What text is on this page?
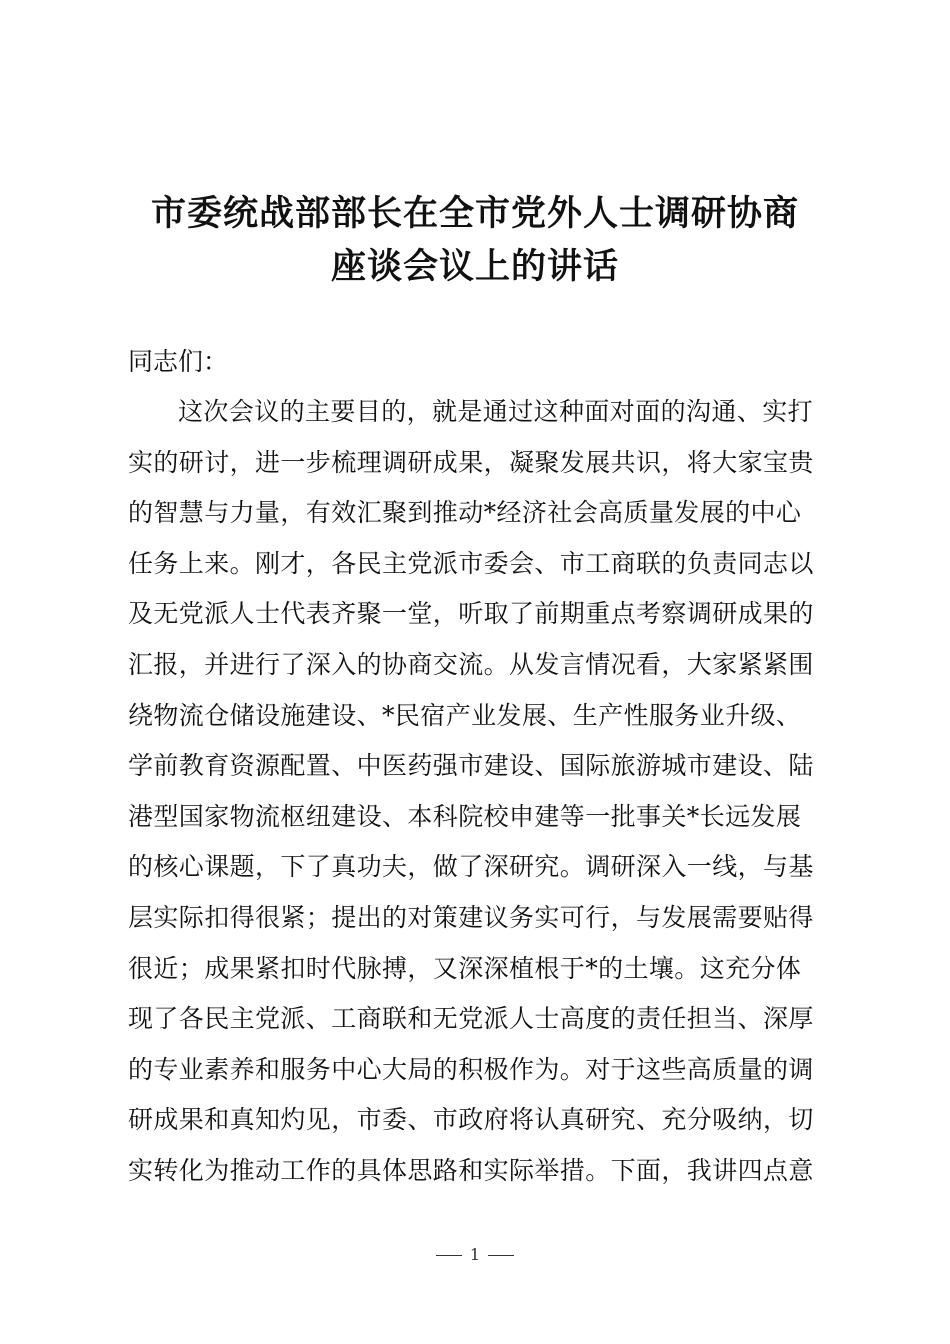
市委统战部部长在全市党外人士调研协商
座谈会议上的讲话
同志们：
这次会议的主要目的，就是通过这种面对面的沟通、实打
实的研讨，进一步梳理调研成果，凝聚发展共识，将大家宝贵
的智慧与力量，有效汇聚到推动*经济社会高质量发展的中心
任务上来。刚才，各民主党派市委会、市工商联的负责同志以
及无党派人士代表齐聚一堂，听取了前期重点考察调研成果的
汇报，并进行了深入的协商交流。从发言情况看，大家紧紧围
绕物流仓储设施建设、*民宿产业发展、生产性服务业升级、
学前教育资源配置、中医药强市建设、国际旅游城市建设、陆
港型国家物流枢纽建设、本科院校申建等一批事关*长远发展
的核心课题，下了真功夫，做了深研究。调研深入一线，与基
层实际扣得很紧；提出的对策建议务实可行，与发展需要贴得
很近；成果紧扣时代脉搏，又深深植根于*的土壤。这充分体
现了各民主党派、工商联和无党派人士高度的责任担当、深厚
的专业素养和服务中心大局的积极作为。对于这些高质量的调
研成果和真知灼见，市委、市政府将认真研究、充分吸纳，切
实转化为推动工作的具体思路和实际举措。下面，我讲四点意
1
